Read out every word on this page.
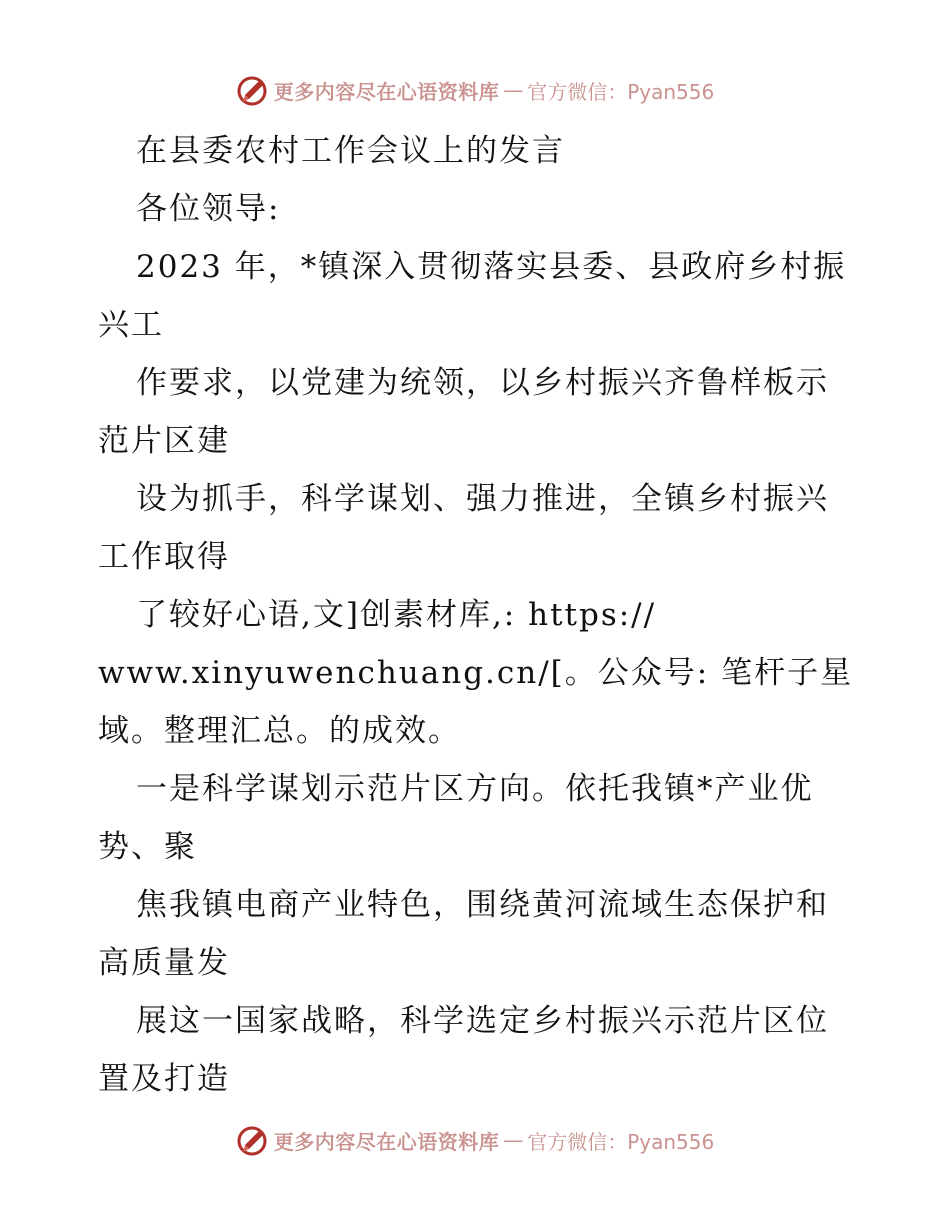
更多内容尽在心语资料库 — 官方微信：Pyan556
在县委农村工作会议上的发言
各位领导:
2023 年，*镇深入贯彻落实县委、县政府乡村振
兴工
作要求，以党建为统领，以乡村振兴齐鲁样板示
范片区建
设为抓手，科学谋划、强力推进，全镇乡村振兴
工作取得
了较好心语,文]创素材库,: https://
www.xinyuwenchuang.cn/[。公众号: 笔杆子星
域。整理汇总。的成效。
一是科学谋划示范片区方向。依托我镇*产业优
势、聚
焦我镇电商产业特色，围绕黄河流域生态保护和
高质量发
展这一国家战略，科学选定乡村振兴示范片区位
置及打造
更多内容尽在心语资料库 — 官方微信：Pyan556
